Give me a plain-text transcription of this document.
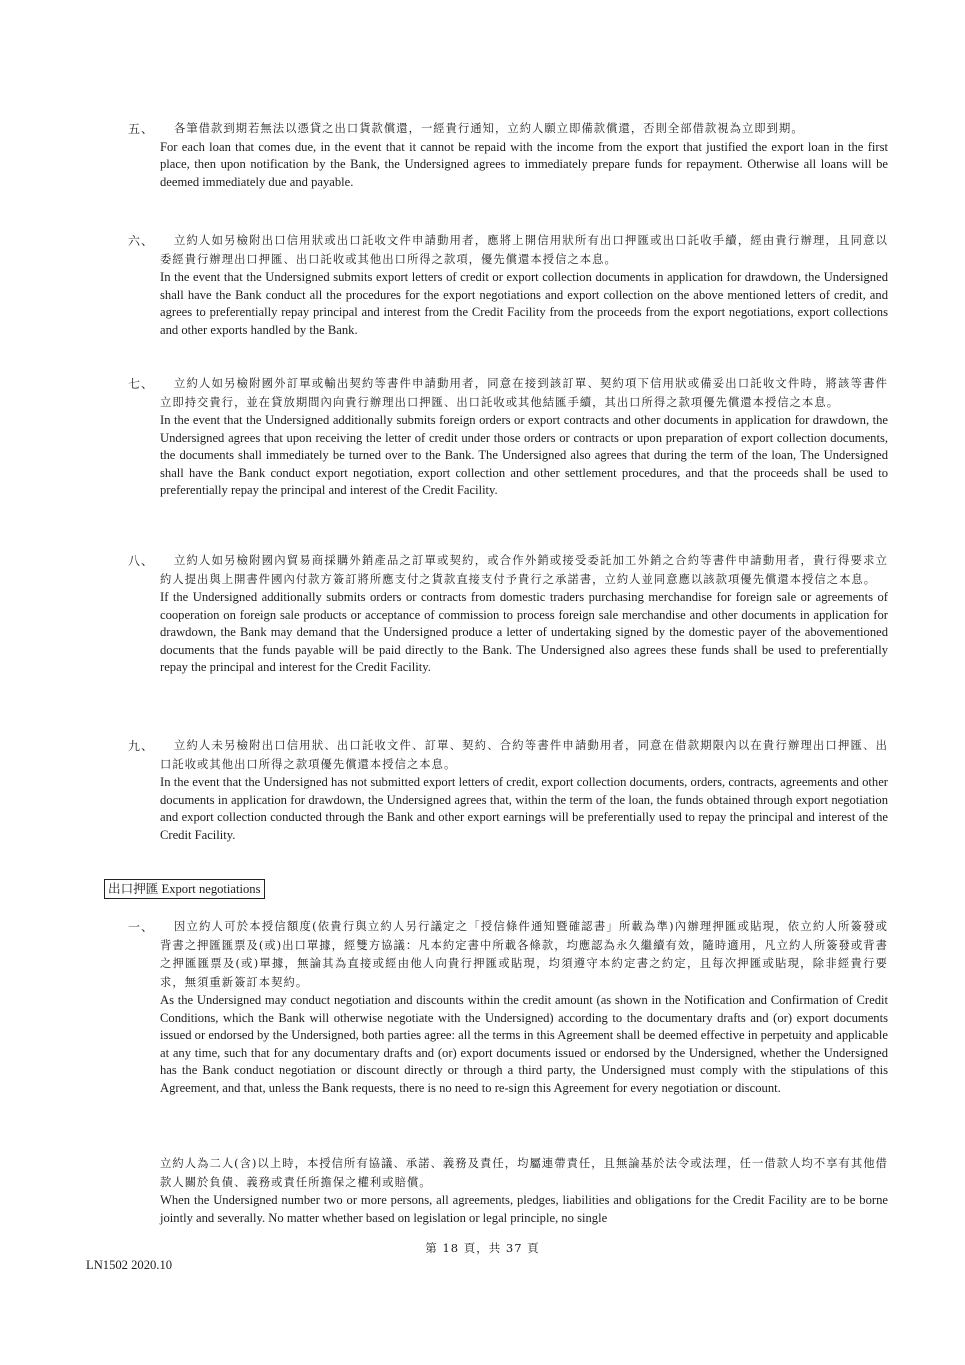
五、	各筆借款到期若無法以憑貸之出口貨款償還，一經貴行通知，立約人願立即備款償還，否則全部借款視為立即到期。
For each loan that comes due, in the event that it cannot be repaid with the income from the export that justified the export loan in the first place, then upon notification by the Bank, the Undersigned agrees to immediately prepare funds for repayment. Otherwise all loans will be deemed immediately due and payable.
六、	立約人如另檢附出口信用狀或出口託收文件申請動用者，應將上開信用狀所有出口押匯或出口託收手續，經由貴行辦理，且同意以委經貴行辦理出口押匯、出口託收或其他出口所得之款項，優先償還本授信之本息。
In the event that the Undersigned submits export letters of credit or export collection documents in application for drawdown, the Undersigned shall have the Bank conduct all the procedures for the export negotiations and export collection on the above mentioned letters of credit, and agrees to preferentially repay principal and interest from the Credit Facility from the proceeds from the export negotiations, export collections and other exports handled by the Bank.
七、	立約人如另檢附國外訂單或輸出契約等書件申請動用者，同意在接到該訂單、契約項下信用狀或備妥出口託收文件時，將該等書件立即持交貴行，並在貸放期間內向貴行辦理出口押匯、出口託收或其他結匯手續，其出口所得之款項優先償還本授信之本息。
In the event that the Undersigned additionally submits foreign orders or export contracts and other documents in application for drawdown, the Undersigned agrees that upon receiving the letter of credit under those orders or contracts or upon preparation of export collection documents, the documents shall immediately be turned over to the Bank. The Undersigned also agrees that during the term of the loan, The Undersigned shall have the Bank conduct export negotiation, export collection and other settlement procedures, and that the proceeds shall be used to preferentially repay the principal and interest of the Credit Facility.
八、	立約人如另檢附國內貿易商採購外銷產品之訂單或契約，或合作外銷或接受委託加工外銷之合約等書件申請動用者，貴行得要求立約人提出與上開書件國內付款方簽訂將所應支付之貨款直接支付予貴行之承諾書，立約人並同意應以該款項優先償還本授信之本息。
If the Undersigned additionally submits orders or contracts from domestic traders purchasing merchandise for foreign sale or agreements of cooperation on foreign sale products or acceptance of commission to process foreign sale merchandise and other documents in application for drawdown, the Bank may demand that the Undersigned produce a letter of undertaking signed by the domestic payer of the abovementioned documents that the funds payable will be paid directly to the Bank. The Undersigned also agrees these funds shall be used to preferentially repay the principal and interest for the Credit Facility.
九、	立約人未另檢附出口信用狀、出口託收文件、訂單、契約、合約等書件申請動用者，同意在借款期限內以在貴行辦理出口押匯、出口託收或其他出口所得之款項優先償還本授信之本息。
In the event that the Undersigned has not submitted export letters of credit, export collection documents, orders, contracts, agreements and other documents in application for drawdown, the Undersigned agrees that, within the term of the loan, the funds obtained through export negotiation and export collection conducted through the Bank and other export earnings will be preferentially used to repay the principal and interest of the Credit Facility.
出口押匯 Export negotiations
一、	因立約人可於本授信額度(依貴行與立約人另行議定之「授信條件通知暨確認書」所載為準)內辦理押匯或貼現，依立約人所簽發或背書之押匯匯票及(或)出口單據，經雙方協議：凡本約定書中所載各條款，均應認為永久繼續有效，隨時適用，凡立約人所簽發或背書之押匯匯票及(或)單據，無論其為直接或經由他人向貴行押匯或貼現，均須遵守本約定書之約定，且每次押匯或貼現，除非經貴行要求，無須重新簽訂本契約。
As the Undersigned may conduct negotiation and discounts within the credit amount (as shown in the Notification and Confirmation of Credit Conditions, which the Bank will otherwise negotiate with the Undersigned) according to the documentary drafts and (or) export documents issued or endorsed by the Undersigned, both parties agree: all the terms in this Agreement shall be deemed effective in perpetuity and applicable at any time, such that for any documentary drafts and (or) export documents issued or endorsed by the Undersigned, whether the Undersigned has the Bank conduct negotiation or discount directly or through a third party, the Undersigned must comply with the stipulations of this Agreement, and that, unless the Bank requests, there is no need to re-sign this Agreement for every negotiation or discount.
立約人為二人(含)以上時，本授信所有協議、承諾、義務及責任，均屬連帶責任，且無論基於法令或法理，任一借款人均不享有其他借款人關於負債、義務或責任所擔保之權利或賠償。
When the Undersigned number two or more persons, all agreements, pledges, liabilities and obligations for the Credit Facility are to be borne jointly and severally. No matter whether based on legislation or legal principle, no single
第 18 頁，共 37 頁
LN1502 2020.10
